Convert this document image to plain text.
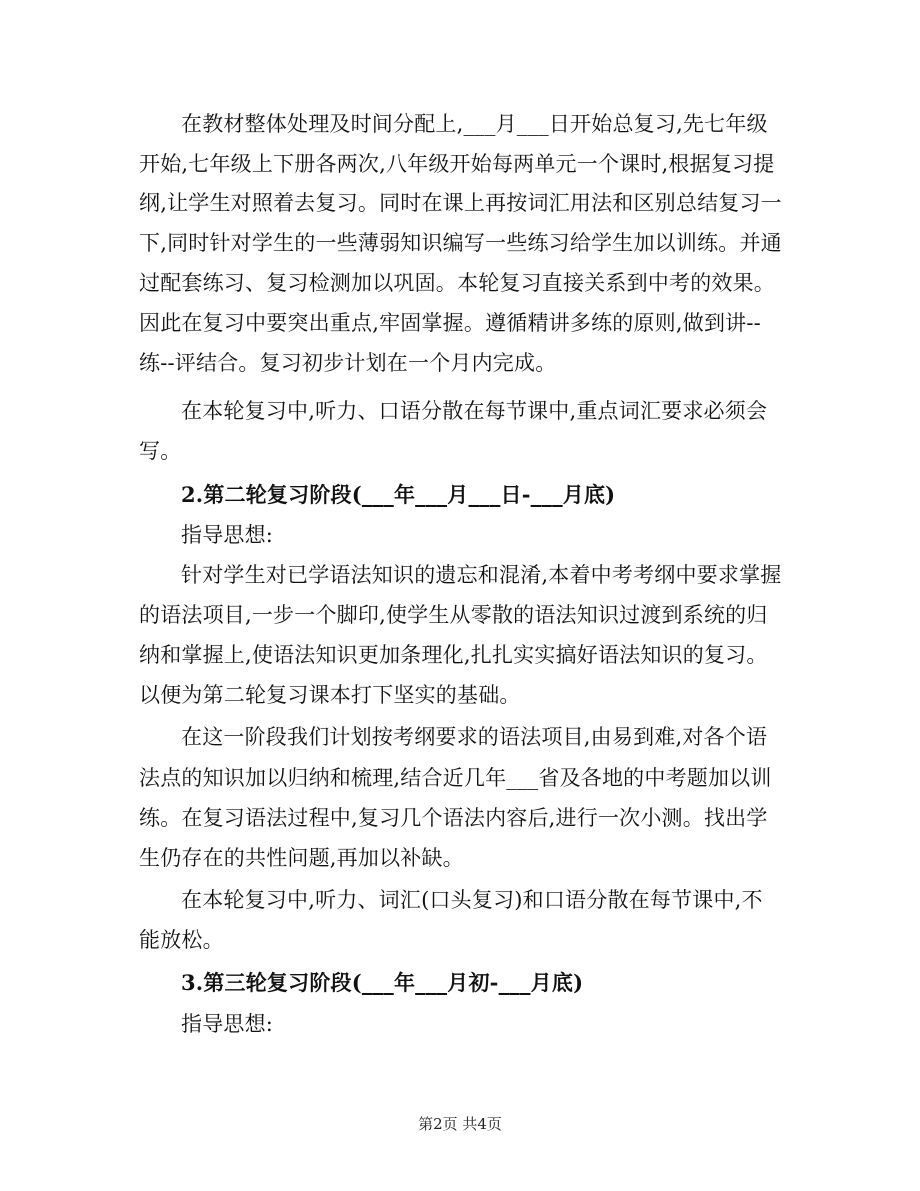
在教材整体处理及时间分配上,___月___日开始总复习,先七年级
开始,七年级上下册各两次,八年级开始每两单元一个课时,根据复习提
纲,让学生对照着去复习。同时在课上再按词汇用法和区别总结复习一
下,同时针对学生的一些薄弱知识编写一些练习给学生加以训练。并通
过配套练习、复习检测加以巩固。本轮复习直接关系到中考的效果。
因此在复习中要突出重点,牢固掌握。遵循精讲多练的原则,做到讲--
练--评结合。复习初步计划在一个月内完成。
在本轮复习中,听力、口语分散在每节课中,重点词汇要求必须会
写。
2.第二轮复习阶段(___年___月___日-___月底)
指导思想:
针对学生对已学语法知识的遗忘和混淆,本着中考考纲中要求掌握
的语法项目,一步一个脚印,使学生从零散的语法知识过渡到系统的归
纳和掌握上,使语法知识更加条理化,扎扎实实搞好语法知识的复习。
以便为第二轮复习课本打下坚实的基础。
在这一阶段我们计划按考纲要求的语法项目,由易到难,对各个语
法点的知识加以归纳和梳理,结合近几年___省及各地的中考题加以训
练。在复习语法过程中,复习几个语法内容后,进行一次小测。找出学
生仍存在的共性问题,再加以补缺。
在本轮复习中,听力、词汇(口头复习)和口语分散在每节课中,不
能放松。
3.第三轮复习阶段(___年___月初-___月底)
指导思想:
第2页 共4页
